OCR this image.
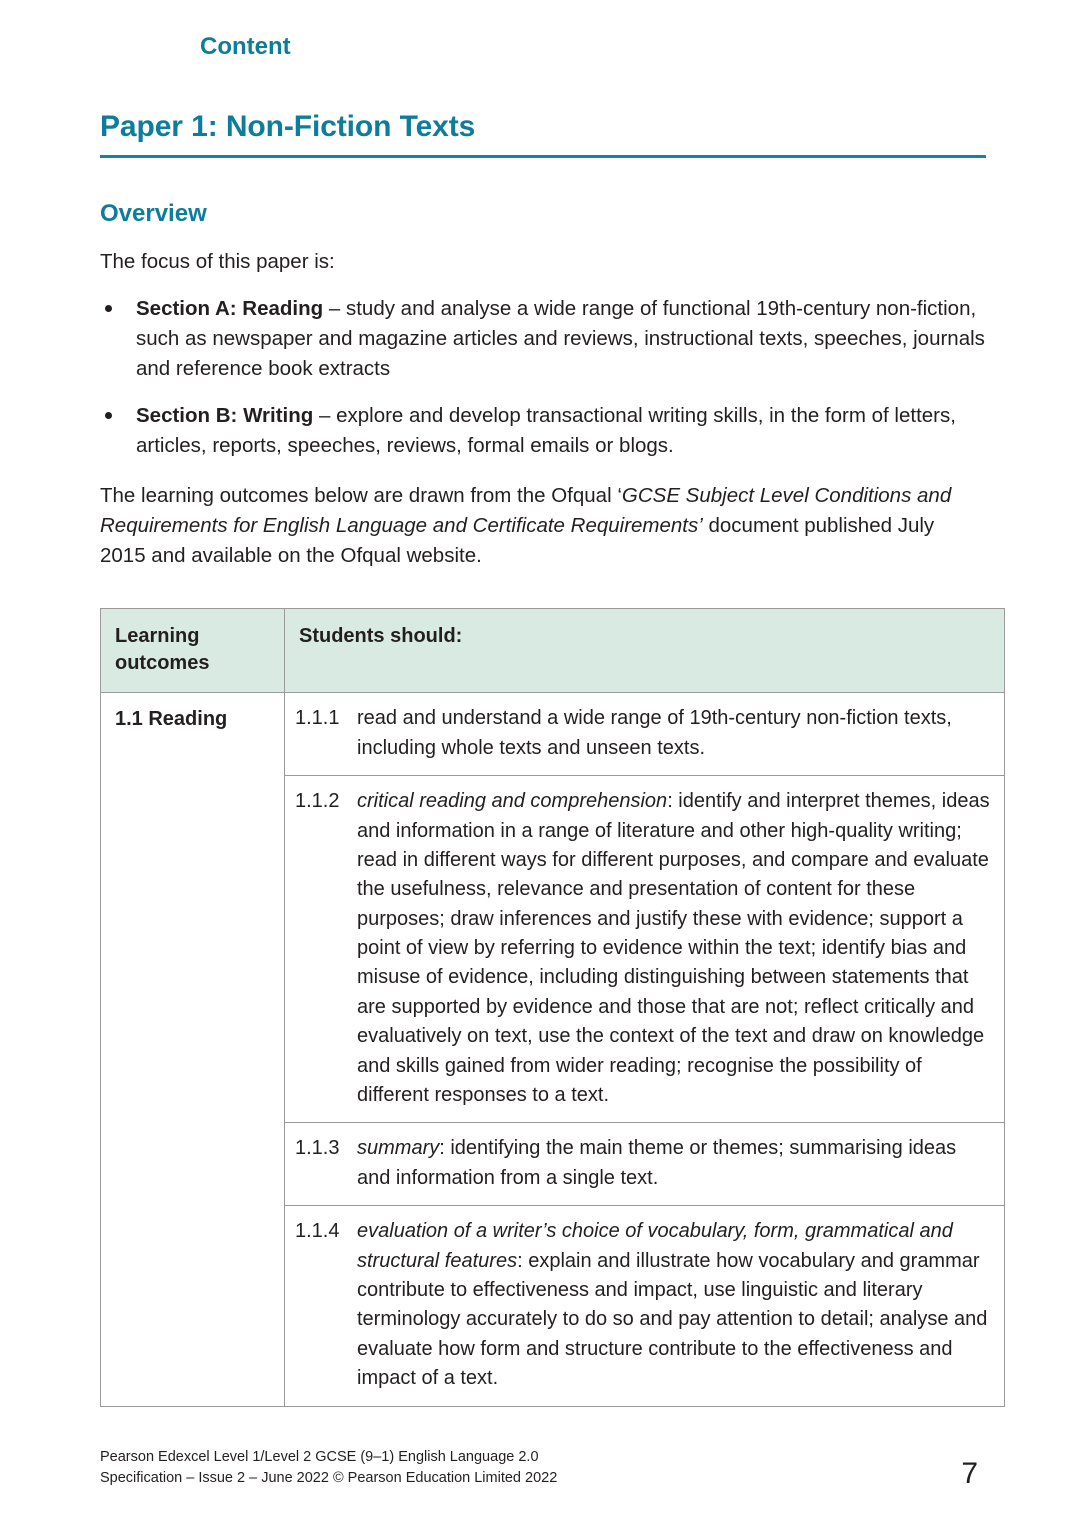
Paper 1: Non-Fiction Texts
Overview

The focus of this paper is:

Section A: Reading – study and analyse a wide range of functional 19th-century non-fiction, such as newspaper and magazine articles and reviews, instructional texts, speeches, journals and reference book extracts
Section B: Writing – explore and develop transactional writing skills, in the form of letters, articles, reports, speeches, reviews, formal emails or blogs.
Content

The learning outcomes below are drawn from the Ofqual ‘GCSE Subject Level Conditions and Requirements for English Language and Certificate Requirements’ document published July 2015 and available on the Ofqual website.

Learning outcomes	Students should:
1.1 Reading	1.1.1 read and understand a wide range of 19th-century non-fiction texts, including whole texts and unseen texts.

	1.1.2 critical reading and comprehension: identify and interpret themes, ideas and information in a range of literature and other high-quality writing; read in different ways for different purposes, and compare and evaluate the usefulness, relevance and presentation of content for these purposes; draw inferences and justify these with evidence; support a point of view by referring to evidence within the text; identify bias and misuse of evidence, including distinguishing between statements that are supported by evidence and those that are not; reflect critically and evaluatively on text, use the context of the text and draw on knowledge and skills gained from wider reading; recognise the possibility of different responses to a text.

	1.1.3 summary: identifying the main theme or themes; summarising ideas and information from a single text.

	1.1.4 evaluation of a writer’s choice of vocabulary, form, grammatical and structural features: explain and illustrate how vocabulary and grammar contribute to effectiveness and impact, use linguistic and literary terminology accurately to do so and pay attention to detail; analyse and evaluate how form and structure contribute to the effectiveness and impact of a text.

Pearson Edexcel Level 1/Level 2 GCSE (9–1) English Language 2.0

Specification – Issue 2 – June 2022 © Pearson Education Limited 2022	7
